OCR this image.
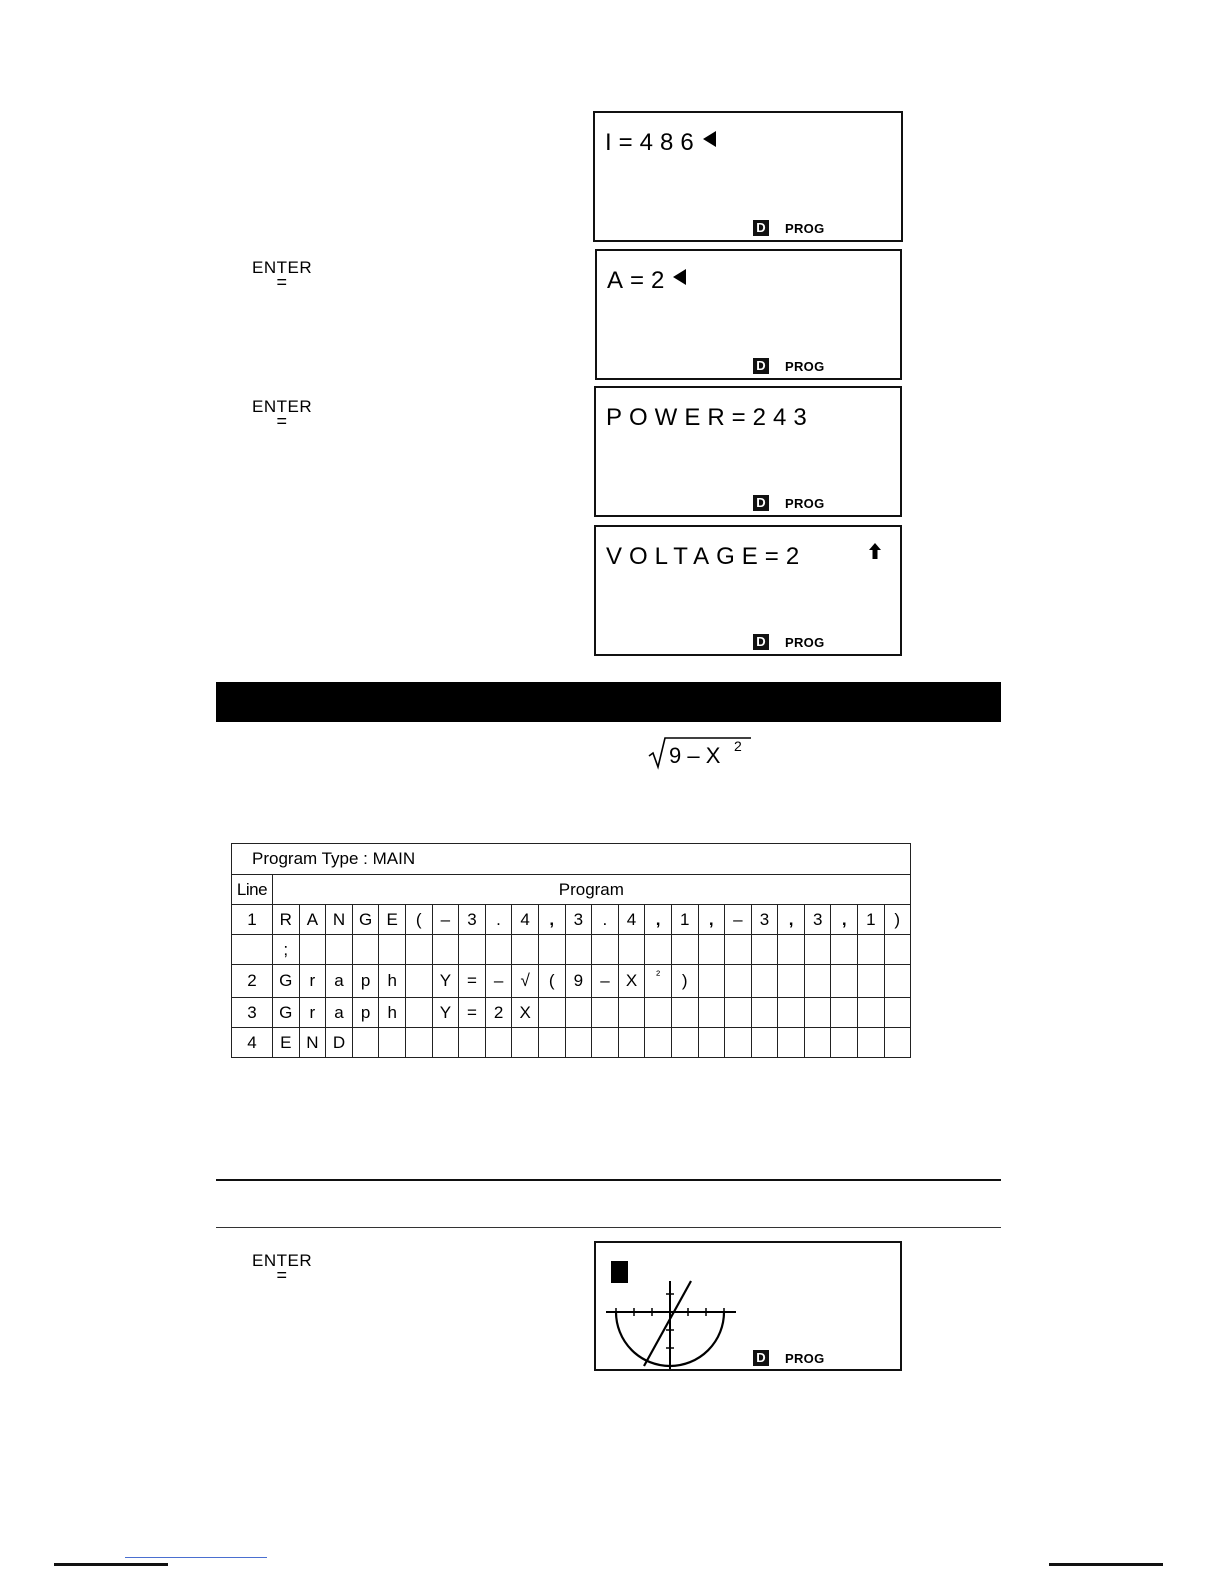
ENTER
=
ENTER
=
ENTER
=
I=486
D PROG
A=2
D PROG
POWER=243
D PROG
VOLTAGE=2
D PROG
9 – X 2
Program Type : MAIN																								
Line	Program																							
1	R	A	N	G	E	(	–	3	.	4	,	3	.	4	,	1	,	–	3	,	3	,	1	)
	;																							
2	G	r	a	p	h		Y	=	–	√	(	9	–	X	²	)								
3	G	r	a	p	h		Y	=	2	X														
4	E	N	D																					
D PROG
